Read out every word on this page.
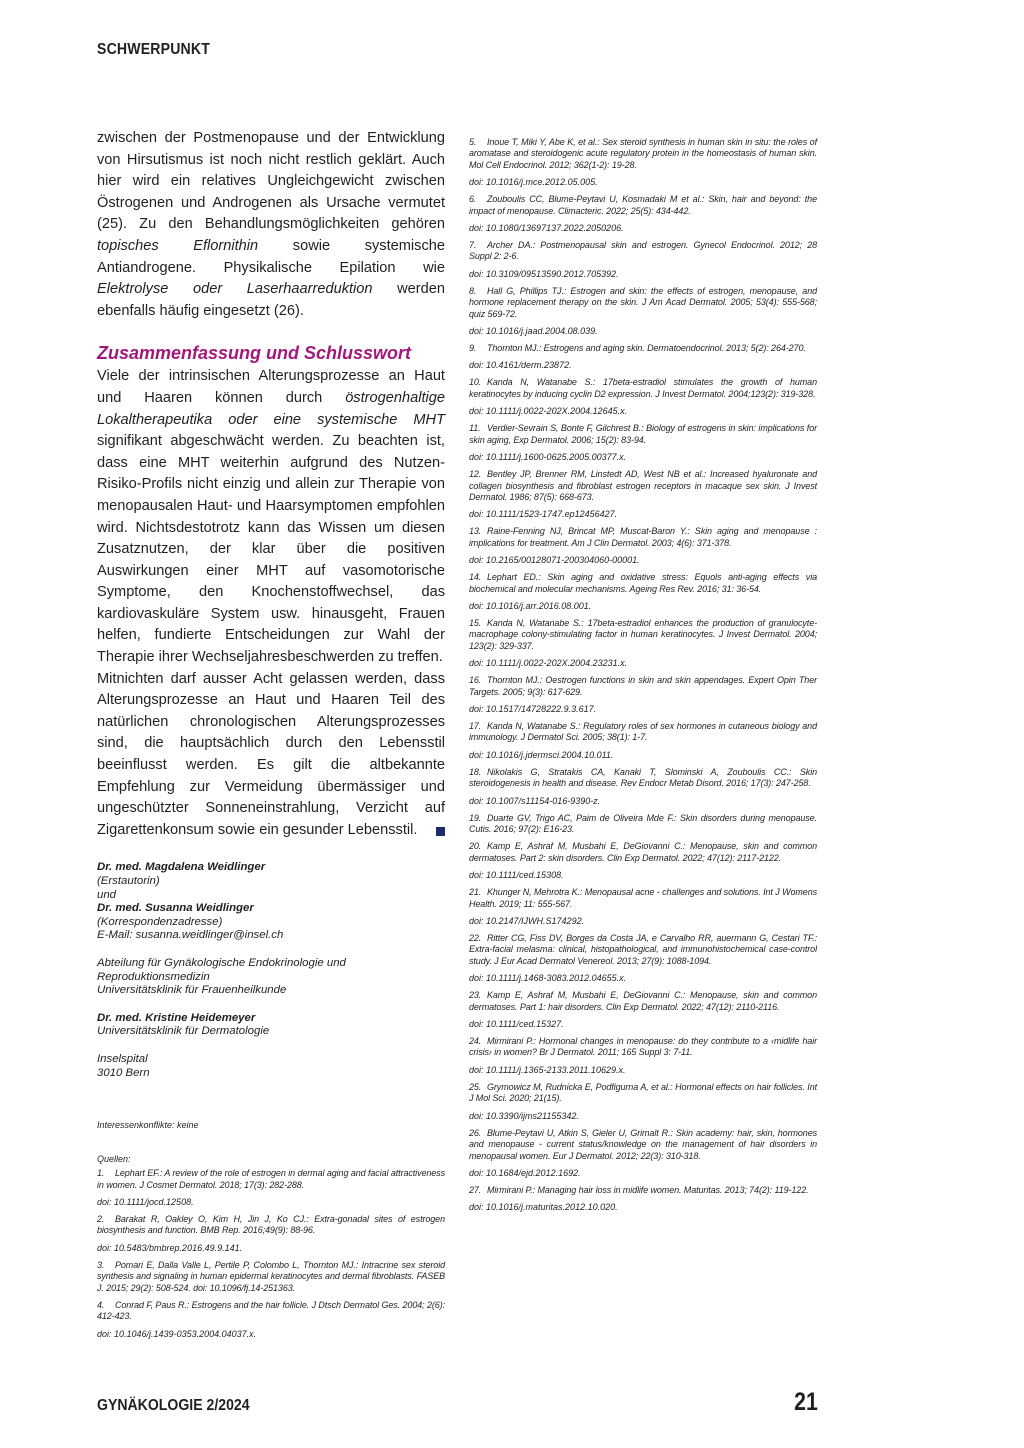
SCHWERPUNKT

zwischen der Postmenopause und der Entwicklung von Hirsutismus ist noch nicht restlich geklärt. Auch hier wird ein relatives Ungleichgewicht zwischen Östrogenen und Androgenen als Ursache vermutet (25). Zu den Behandlungsmöglichkeiten gehören topisches Eflornithin sowie systemische Antiandrogene. Physikalische Epilation wie Elektrolyse oder Laserhaarreduktion werden ebenfalls häufig eingesetzt (26).

Zusammenfassung und Schlusswort

Viele der intrinsischen Alterungsprozesse an Haut und Haaren können durch östrogenhaltige Lokaltherapeutika oder eine systemische MHT signifikant abgeschwächt werden. Zu beachten ist, dass eine MHT weiterhin aufgrund des Nutzen-Risiko-Profils nicht einzig und allein zur Therapie von menopausalen Haut- und Haarsymptomen empfohlen wird. Nichtsdestotrotz kann das Wissen um diesen Zusatznutzen, der klar über die positiven Auswirkungen einer MHT auf vasomotorische Symptome, den Knochenstoffwechsel, das kardiovaskuläre System usw. hinausgeht, Frauen helfen, fundierte Entscheidungen zur Wahl der Therapie ihrer Wechseljahresbeschwerden zu treffen.

Mitnichten darf ausser Acht gelassen werden, dass Alterungsprozesse an Haut und Haaren Teil des natürlichen chronologischen Alterungsprozesses sind, die hauptsächlich durch den Lebensstil beeinflusst werden. Es gilt die altbekannte Empfehlung zur Vermeidung übermässiger und ungeschützter Sonneneinstrahlung, Verzicht auf Zigarettenkonsum sowie ein gesunder Lebensstil.

Dr. med. Magdalena Weidlinger
(Erstautorin)
und
Dr. med. Susanna Weidlinger
(Korrespondenzadresse)
E-Mail: susanna.weidlinger@insel.ch
Abteilung für Gynäkologische Endokrinologie und
Reproduktionsmedizin
Universitätsklinik für Frauenheilkunde
Dr. med. Kristine Heidemeyer
Universitätsklinik für Dermatologie
Inselspital
3010 Bern
Interessenkonflikte: keine
Quellen:

1. Lephart EF.: A review of the role of estrogen in dermal aging and facial attractiveness in women. J Cosmet Dermatol. 2018; 17(3): 282-288.

doi: 10.1111/jocd.12508.

2. Barakat R, Oakley O, Kim H, Jin J, Ko CJ.: Extra-gonadal sites of estrogen biosynthesis and function. BMB Rep. 2016;49(9): 88-96.

doi: 10.5483/bmbrep.2016.49.9.141.

3. Pomari E, Dalla Valle L, Pertile P, Colombo L, Thornton MJ.: Intracrine sex steroid synthesis and signaling in human epidermal keratinocytes and dermal fibroblasts. FASEB J. 2015; 29(2): 508-524. doi: 10.1096/fj.14-251363.

4. Conrad F, Paus R.: Estrogens and the hair follicle. J Dtsch Dermatol Ges. 2004; 2(6): 412-423.

doi: 10.1046/j.1439-0353.2004.04037.x.

5. Inoue T, Miki Y, Abe K, et al.: Sex steroid synthesis in human skin in situ: the roles of aromatase and steroidogenic acute regulatory protein in the homeostasis of human skin. Mol Cell Endocrinol. 2012; 362(1-2): 19-28.

doi: 10.1016/j.mce.2012.05.005.

6. Zouboulis CC, Blume-Peytavi U, Kosmadaki M et al.: Skin, hair and beyond: the impact of menopause. Climacteric. 2022; 25(5): 434-442.

doi: 10.1080/13697137.2022.2050206.

7. Archer DA.: Postmenopausal skin and estrogen. Gynecol Endocrinol. 2012; 28 Suppl 2: 2-6.

doi: 10.3109/09513590.2012.705392.

8. Hall G, Phillips TJ.: Estrogen and skin: the effects of estrogen, menopause, and hormone replacement therapy on the skin. J Am Acad Dermatol. 2005; 53(4): 555-568; quiz 569-72.

doi: 10.1016/j.jaad.2004.08.039.

9. Thornton MJ.: Estrogens and aging skin. Dermatoendocrinol. 2013; 5(2): 264-270.

doi: 10.4161/derm.23872.

10. Kanda N, Watanabe S.: 17beta-estradiol stimulates the growth of human keratinocytes by inducing cyclin D2 expression. J Invest Dermatol. 2004;123(2): 319-328.

doi: 10.1111/j.0022-202X.2004.12645.x.

11. Verdier-Sevrain S, Bonte F, Gilchrest B.: Biology of estrogens in skin: implications for skin aging, Exp Dermatol. 2006; 15(2): 83-94.

doi: 10.1111/j.1600-0625.2005.00377.x.

12. Bentley JP, Brenner RM, Linstedt AD, West NB et al.: Increased hyaluronate and collagen biosynthesis and fibroblast estrogen receptors in macaque sex skin. J Invest Dermatol. 1986; 87(5): 668-673.

doi: 10.1111/1523-1747.ep12456427.

13. Raine-Fenning NJ, Brincat MP, Muscat-Baron Y.: Skin aging and menopause : implications for treatment. Am J Clin Dermatol. 2003; 4(6): 371-378.

doi: 10.2165/00128071-200304060-00001.

14. Lephart ED.: Skin aging and oxidative stress: Equols anti-aging effects via biochemical and molecular mechanisms. Ageing Res Rev. 2016; 31: 36-54.

doi: 10.1016/j.arr.2016.08.001.

15. Kanda N, Watanabe S.: 17beta-estradiol enhances the production of granulocyte-macrophage colony-stimulating factor in human keratinocytes. J Invest Dermatol. 2004; 123(2): 329-337.

doi: 10.1111/j.0022-202X.2004.23231.x.

16. Thornton MJ.: Oestrogen functions in skin and skin appendages. Expert Opin Ther Targets. 2005; 9(3): 617-629.

doi: 10.1517/14728222.9.3.617.

17. Kanda N, Watanabe S.: Regulatory roles of sex hormones in cutaneous biology and immunology. J Dermatol Sci. 2005; 38(1): 1-7.

doi: 10.1016/j.jdermsci.2004.10.011.

18. Nikolakis G, Stratakis CA, Kanaki T, Slominski A, Zouboulis CC.: Skin steroidogenesis in health and disease. Rev Endocr Metab Disord. 2016; 17(3): 247-258.

doi: 10.1007/s11154-016-9390-z.

19. Duarte GV, Trigo AC, Paim de Oliveira Mde F.: Skin disorders during menopause. Cutis. 2016; 97(2): E16-23.

20. Kamp E, Ashraf M, Musbahi E, DeGiovanni C.: Menopause, skin and common dermatoses. Part 2: skin disorders. Clin Exp Dermatol. 2022; 47(12): 2117-2122.

doi: 10.1111/ced.15308.

21. Khunger N, Mehrotra K.: Menopausal acne - challenges and solutions. Int J Womens Health. 2019; 11: 555-567.

doi: 10.2147/IJWH.S174292.

22. Ritter CG, Fiss DV, Borges da Costa JA, e Carvalho RR, auermann G, Cestari TF.: Extra-facial melasma: clinical, histopathological, and immunohistochemical case-control study. J Eur Acad Dermatol Venereol. 2013; 27(9): 1088-1094.

doi: 10.1111/j.1468-3083.2012.04655.x.

23. Kamp E, Ashraf M, Musbahi E, DeGiovanni C.: Menopause, skin and common dermatoses. Part 1: hair disorders. Clin Exp Dermatol. 2022; 47(12): 2110-2116.

doi: 10.1111/ced.15327.

24. Mirmirani P.: Hormonal changes in menopause: do they contribute to a ‹midlife hair crisis› in women? Br J Dermatol. 2011; 165 Suppl 3: 7-11.

doi: 10.1111/j.1365-2133.2011.10629.x.

25. Grymowicz M, Rudnicka E, Podfigurna A, et al.: Hormonal effects on hair follicles. Int J Mol Sci. 2020; 21(15).

doi: 10.3390/ijms21155342.

26. Blume-Peytavi U, Atkin S, Gieler U, Grimalt R.: Skin academy: hair, skin, hormones and menopause - current status/knowledge on the management of hair disorders in menopausal women. Eur J Dermatol. 2012; 22(3): 310-318.

doi: 10.1684/ejd.2012.1692.

27. Mirmirani P.: Managing hair loss in midlife women. Maturitas. 2013; 74(2): 119-122.

doi: 10.1016/j.maturitas.2012.10.020.

GYNÄKOLOGIE 2/2024	21
